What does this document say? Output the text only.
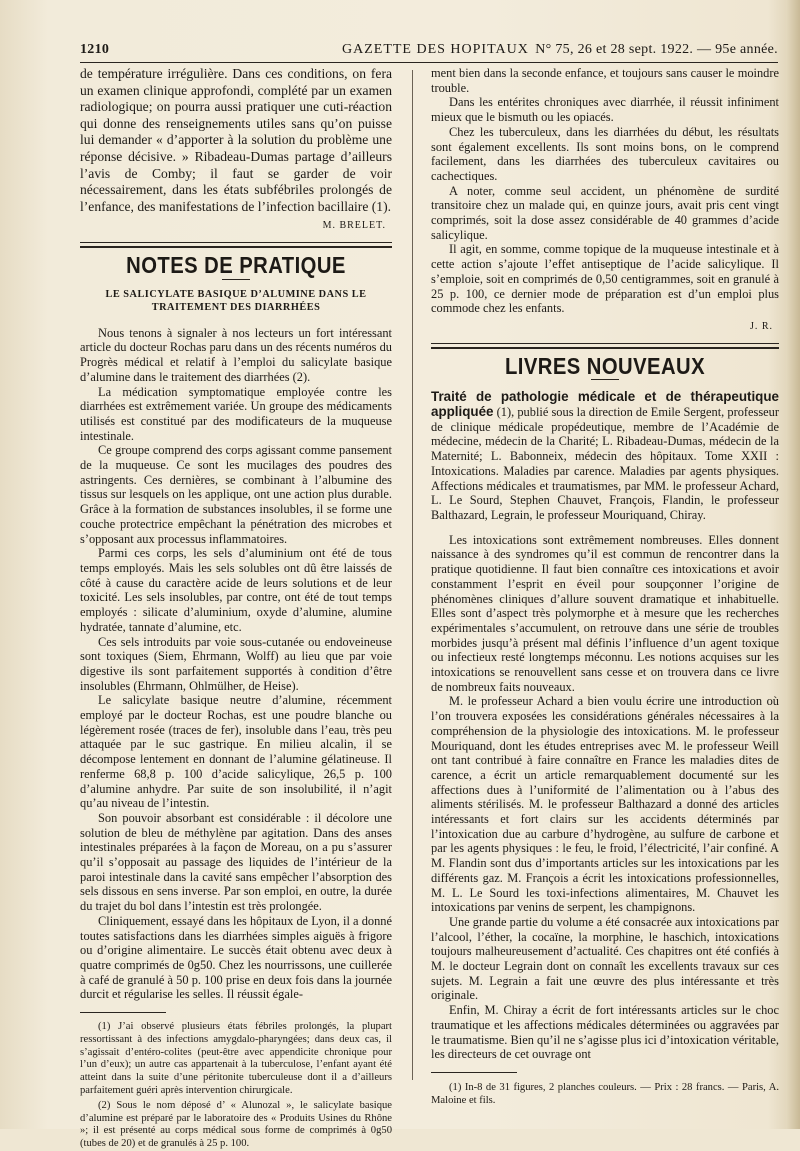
1210	GAZETTE DES HOPITAUX N° 75, 26 et 28 sept. 1922. — 95e année.

de température irrégulière. Dans ces conditions, on fera un examen clinique approfondi, complété par un examen radiologique; on pourra aussi pratiquer une cuti-réaction qui donne des renseignements utiles sans qu’on puisse lui demander « d’apporter à la solution du problème une réponse décisive. » Ribadeau-Dumas partage d’ailleurs l’avis de Comby; il faut se garder de voir nécessairement, dans les états subfébriles prolongés de l’enfance, des manifestations de l’infection bacillaire (1).

M. BRELET.

NOTES DE PRATIQUE
LE SALICYLATE BASIQUE D’ALUMINE DANS LE TRAITEMENT DES DIARRHÉES

Nous tenons à signaler à nos lecteurs un fort intéressant article du docteur Rochas paru dans un des récents numéros du Progrès médical et relatif à l’emploi du salicylate basique d’alumine dans le traitement des diarrhées (2).

La médication symptomatique employée contre les diarrhées est extrêmement variée. Un groupe des médicaments utilisés est constitué par des modificateurs de la muqueuse intestinale.

Ce groupe comprend des corps agissant comme pansement de la muqueuse. Ce sont les mucilages des poudres des astringents. Ces dernières, se combinant à l’albumine des tissus sur lesquels on les applique, ont une action plus durable. Grâce à la formation de substances insolubles, il se forme une couche protectrice empêchant la pénétration des microbes et s’opposant aux processus inflammatoires.

Parmi ces corps, les sels d’aluminium ont été de tous temps employés. Mais les sels solubles ont dû être laissés de côté à cause du caractère acide de leurs solutions et de leur toxicité. Les sels insolubles, par contre, ont été de tout temps employés : silicate d’aluminium, oxyde d’alumine, alumine hydratée, tannate d’alumine, etc.

Ces sels introduits par voie sous-cutanée ou endoveineuse sont toxiques (Siem, Ehrmann, Wolff) au lieu que par voie digestive ils sont parfaitement supportés à condition d’être insolubles (Ehrmann, Ohlmülher, de Heise).

Le salicylate basique neutre d’alumine, récemment employé par le docteur Rochas, est une poudre blanche ou légèrement rosée (traces de fer), insoluble dans l’eau, très peu attaquée par le suc gastrique. En milieu alcalin, il se décompose lentement en donnant de l’alumine gélatineuse. Il renferme 68,8 p. 100 d’acide salicylique, 26,5 p. 100 d’alumine anhydre. Par suite de son insolubilité, il n’agit qu’au niveau de l’intestin.

Son pouvoir absorbant est considérable : il décolore une solution de bleu de méthylène par agitation. Dans des anses intestinales préparées à la façon de Moreau, on a pu s’assurer qu’il s’opposait au passage des liquides de l’intérieur de la paroi intestinale dans la cavité sans empêcher l’absorption des sels dissous en sens inverse. Par son emploi, en outre, la durée du trajet du bol dans l’intestin est très prolongée.

Cliniquement, essayé dans les hôpitaux de Lyon, il a donné toutes satisfactions dans les diarrhées simples aiguës à frigore ou d’origine alimentaire. Le succès était obtenu avec deux à quatre comprimés de 0g50. Chez les nourrissons, une cuillerée à café de granulé à 50 p. 100 prise en deux fois dans la journée durcit et régularise les selles. Il réussit égale-

(1) J’ai observé plusieurs états fébriles prolongés, la plupart ressortissant à des infections amygdalo-pharyngées; dans deux cas, il s’agissait d’entéro-colites (peut-être avec appendicite chronique pour l’un d’eux); un autre cas appartenait à la tuberculose, l’enfant ayant été atteint dans la suite d’une péritonite tuberculeuse dont il a d’ailleurs parfaitement guéri après intervention chirurgicale.

(2) Sous le nom déposé d’ « Alunozal », le salicylate basique d’alumine est préparé par le laboratoire des « Produits Usines du Rhône »; il est présenté au corps médical sous forme de comprimés à 0g50 (tubes de 20) et de granulés à 25 p. 100.

ment bien dans la seconde enfance, et toujours sans causer le moindre trouble.

Dans les entérites chroniques avec diarrhée, il réussit infiniment mieux que le bismuth ou les opiacés.

Chez les tuberculeux, dans les diarrhées du début, les résultats sont également excellents. Ils sont moins bons, on le comprend facilement, dans les diarrhées des tuberculeux cavitaires ou cachectiques.

A noter, comme seul accident, un phénomène de surdité transitoire chez un malade qui, en quinze jours, avait pris cent vingt comprimés, soit la dose assez considérable de 40 grammes d’acide salicylique.

Il agit, en somme, comme topique de la muqueuse intestinale et à cette action s’ajoute l’effet antiseptique de l’acide salicylique. Il s’emploie, soit en comprimés de 0,50 centigrammes, soit en granulé à 25 p. 100, ce dernier mode de préparation est d’un emploi plus commode chez les enfants.

J. R.

LIVRES NOUVEAUX

Traité de pathologie médicale et de thérapeutique appliquée (1), publié sous la direction de Emile Sergent, professeur de clinique médicale propédeutique, membre de l’Académie de médecine, médecin de la Charité; L. Ribadeau-Dumas, médecin de la Maternité; L. Babonneix, médecin des hôpitaux. Tome XXII : Intoxications. Maladies par carence. Maladies par agents physiques. Affections médicales et traumatismes, par MM. le professeur Achard, L. Le Sourd, Stephen Chauvet, François, Flandin, le professeur Balthazard, Legrain, le professeur Mouriquand, Chiray.

Les intoxications sont extrêmement nombreuses. Elles donnent naissance à des syndromes qu’il est commun de rencontrer dans la pratique quotidienne. Il faut bien connaître ces intoxications et avoir constamment l’esprit en éveil pour soupçonner l’origine de phénomènes cliniques d’allure souvent dramatique et inhabituelle. Elles sont d’aspect très polymorphe et à mesure que les recherches expérimentales s’accumulent, on retrouve dans une série de troubles morbides jusqu’à présent mal définis l’influence d’un agent toxique ou infectieux resté longtemps méconnu. Les notions acquises sur les intoxications se renouvellent sans cesse et on trouvera dans ce livre de nombreux faits nouveaux.

M. le professeur Achard a bien voulu écrire une introduction où l’on trouvera exposées les considérations générales nécessaires à la compréhension de la physiologie des intoxications. M. le professeur Mouriquand, dont les études entreprises avec M. le professeur Weill ont tant contribué à faire connaître en France les maladies dites de carence, a écrit un article remarquablement documenté sur les affections dues à l’uniformité de l’alimentation ou à l’abus des aliments stérilisés. M. le professeur Balthazard a donné des articles intéressants et fort clairs sur les accidents déterminés par l’intoxication due au carbure d’hydrogène, au sulfure de carbone et par les agents physiques : le feu, le froid, l’électricité, l’air confiné. A M. Flandin sont dus d’importants articles sur les intoxications par les différents gaz. M. François a écrit les intoxications professionnelles, M. L. Le Sourd les toxi-infections alimentaires, M. Chauvet les intoxications par venins de serpent, les champignons.

Une grande partie du volume a été consacrée aux intoxications par l’alcool, l’éther, la cocaïne, la morphine, le haschich, intoxications toujours malheureusement d’actualité. Ces chapitres ont été confiés à M. le docteur Legrain dont on connaît les excellents travaux sur ces sujets. M. Legrain a fait une œuvre des plus intéressante et très originale.

Enfin, M. Chiray a écrit de fort intéressants articles sur le choc traumatique et les affections médicales déterminées ou aggravées par le traumatisme. Bien qu’il ne s’agisse plus ici d’intoxication véritable, les directeurs de cet ouvrage ont

(1) In-8 de 31 figures, 2 planches couleurs. — Prix : 28 francs. — Paris, A. Maloine et fils.
